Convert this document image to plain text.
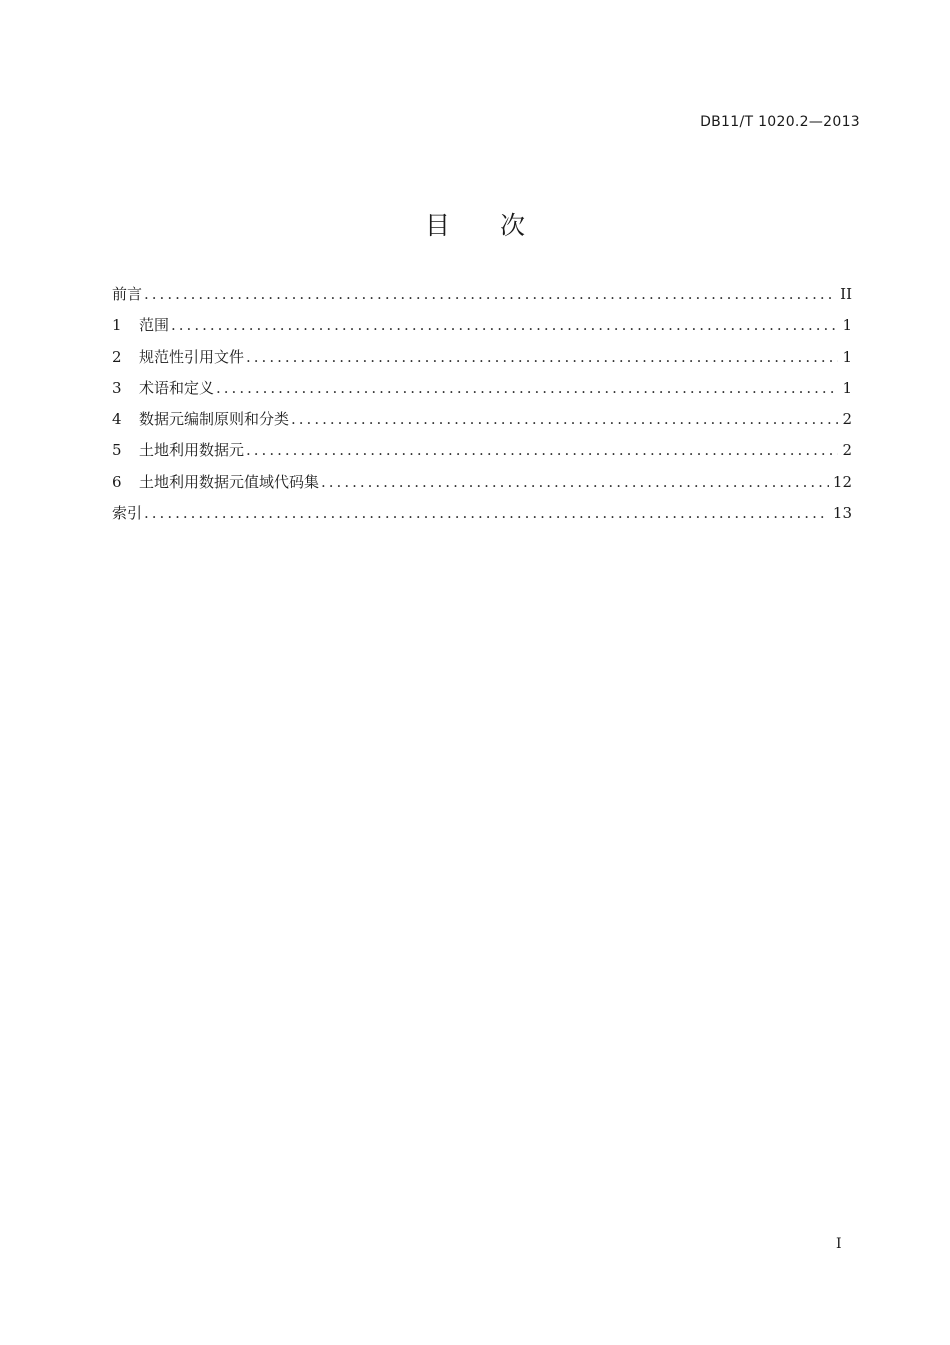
DB11/T 1020.2—2013
目 次
前言 .....	II
1	范围 .....	1
2	规范性引用文件 .....	1
3	术语和定义 .....	1
4	数据元编制原则和分类 .....	2
5	土地利用数据元 .....	2
6	土地利用数据元值域代码集 .....	12
索引 .....	13
I
